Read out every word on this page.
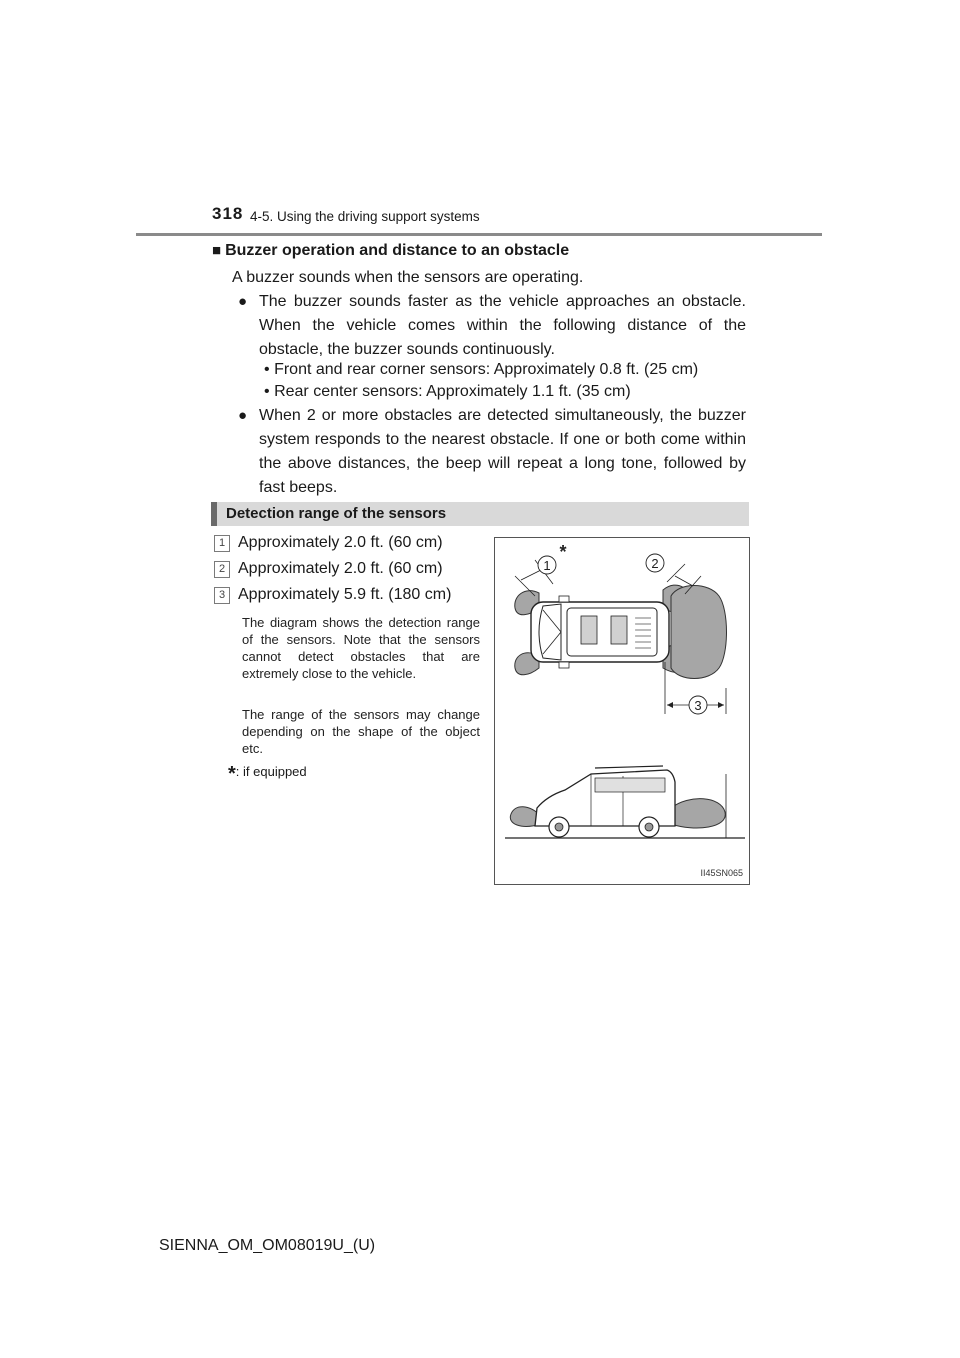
318 4-5. Using the driving support systems
■ Buzzer operation and distance to an obstacle
A buzzer sounds when the sensors are operating.
● The buzzer sounds faster as the vehicle approaches an obstacle. When the vehicle comes within the following distance of the obstacle, the buzzer sounds continuously.
• Front and rear corner sensors: Approximately 0.8 ft. (25 cm)
• Rear center sensors: Approximately 1.1 ft. (35 cm)
● When 2 or more obstacles are detected simultaneously, the buzzer system responds to the nearest obstacle. If one or both come within the above distances, the beep will repeat a long tone, followed by fast beeps.
Detection range of the sensors
1 Approximately 2.0 ft. (60 cm)
2 Approximately 2.0 ft. (60 cm)
3 Approximately 5.9 ft. (180 cm)
The diagram shows the detection range of the sensors. Note that the sensors cannot detect obstacles that are extremely close to the vehicle.
The range of the sensors may change depending on the shape of the object etc.
*: if equipped
1
*
2
3
II45SN065
SIENNA_OM_OM08019U_(U)
